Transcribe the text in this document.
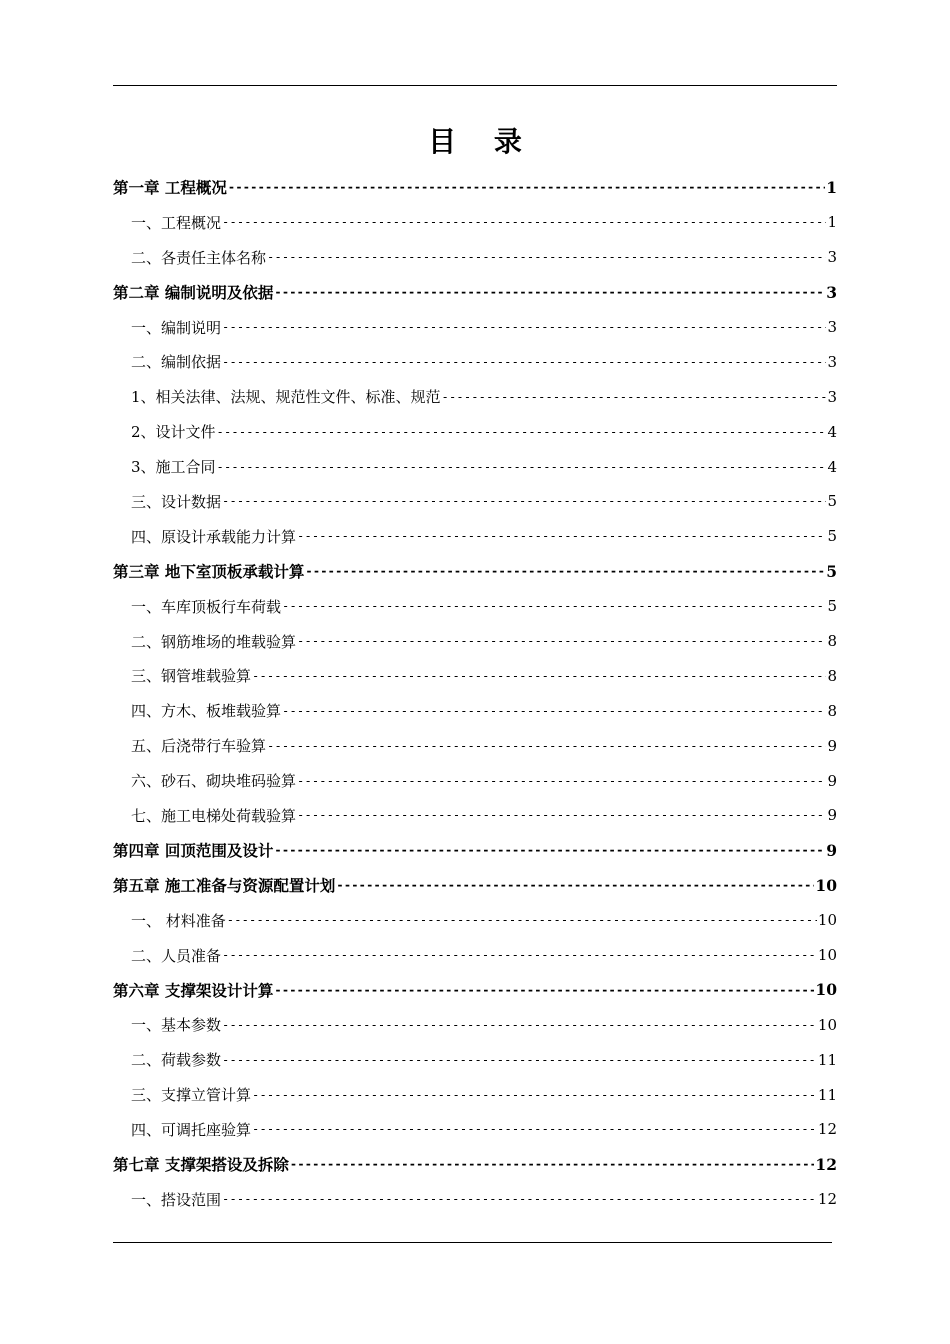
目 录
第一章 工程概况 -----	1
一、工程概况 -----	1
二、各责任主体名称 -----	3
第二章 编制说明及依据 -----	3
一、编制说明 -----	3
二、编制依据 -----	3
1、相关法律、法规、规范性文件、标准、规范 -----	3
2、设计文件 -----	4
3、施工合同 -----	4
三、设计数据 -----	5
四、原设计承载能力计算 -----	5
第三章 地下室顶板承载计算 -----	5
一、车库顶板行车荷载 -----	5
二、钢筋堆场的堆载验算 -----	8
三、钢管堆载验算 -----	8
四、方木、板堆载验算 -----	8
五、后浇带行车验算 -----	9
六、砂石、砌块堆码验算 -----	9
七、施工电梯处荷载验算 -----	9
第四章 回顶范围及设计 -----	9
第五章 施工准备与资源配置计划 -----	10
一、 材料准备 -----	10
二、人员准备 -----	10
第六章 支撑架设计计算 -----	10
一、基本参数 -----	10
二、荷载参数 -----	11
三、支撑立管计算 -----	11
四、可调托座验算 -----	12
第七章 支撑架搭设及拆除 -----	12
一、搭设范围 -----	12
